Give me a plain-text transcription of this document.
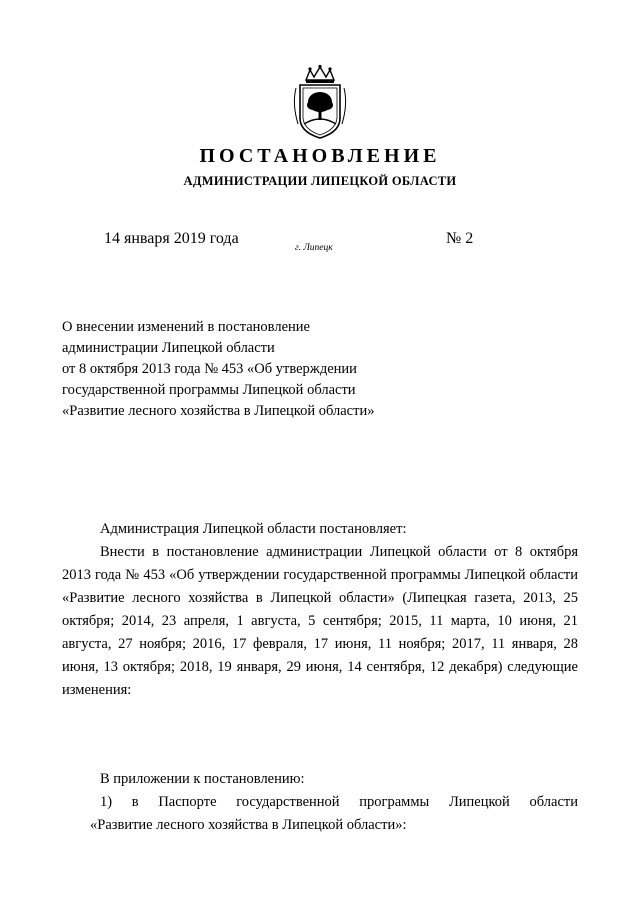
ПОСТАНОВЛЕНИЕ
АДМИНИСТРАЦИИ ЛИПЕЦКОЙ ОБЛАСТИ
14 января 2019 года
г. Липецк
№ 2
О внесении изменений в постановление
администрации Липецкой области
от 8 октября 2013 года № 453 «Об утверждении
государственной программы Липецкой области
«Развитие лесного хозяйства в Липецкой области»
Администрация Липецкой области постановляет:
Внести в постановление администрации Липецкой области от 8 октября 2013 года № 453 «Об утверждении государственной программы Липецкой области «Развитие лесного хозяйства в Липецкой области» (Липецкая газета, 2013, 25 октября; 2014, 23 апреля, 1 августа, 5 сентября; 2015, 11 марта, 10 июня, 21 августа, 27 ноября; 2016, 17 февраля, 17 июня, 11 ноября; 2017, 11 января, 28 июня, 13 октября; 2018, 19 января, 29 июня, 14 сентября, 12 декабря) следующие изменения:
В приложении к постановлению:
1) в Паспорте государственной программы Липецкой области
«Развитие лесного хозяйства в Липецкой области»:
